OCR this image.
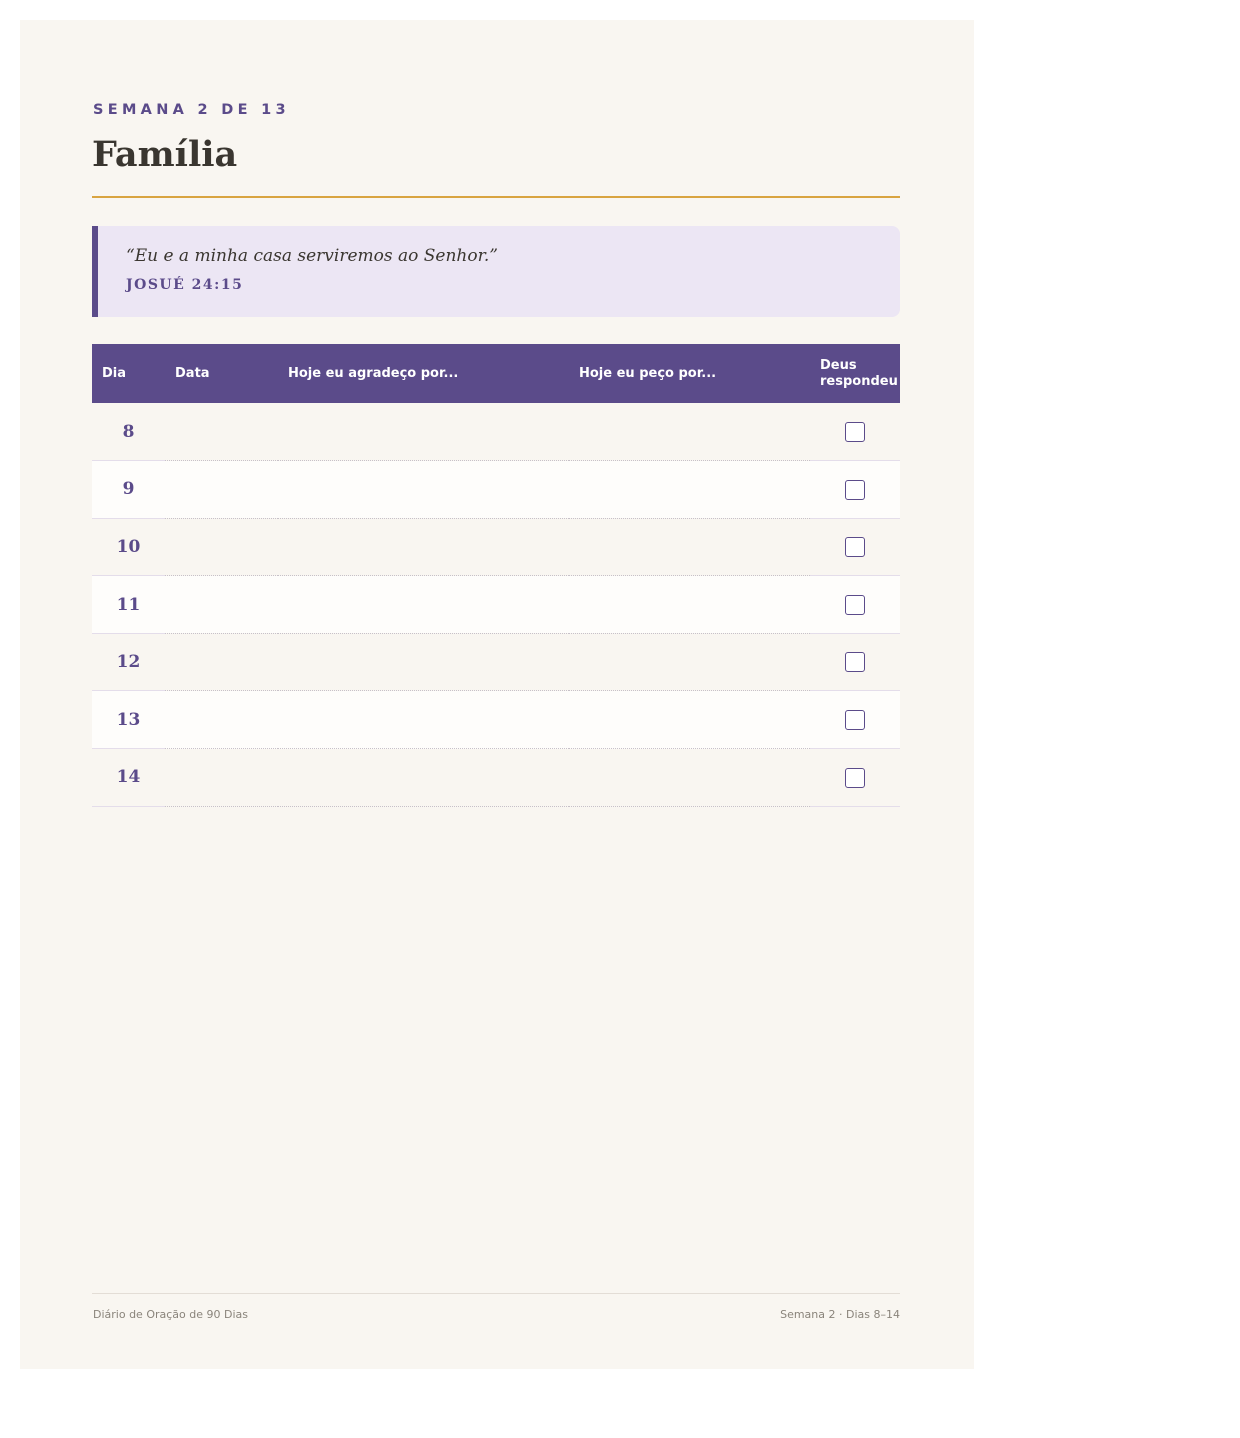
SEMANA 2 DE 13
Família
“Eu e a minha casa serviremos ao Senhor.”
JOSUÉ 24:15
Dia	Data	Hoje eu agradeço por...	Hoje eu peço por...	Deus respondeu
8				
9				
10				
11				
12				
13				
14				
Diário de Oração de 90 Dias	Semana 2 · Dias 8–14
